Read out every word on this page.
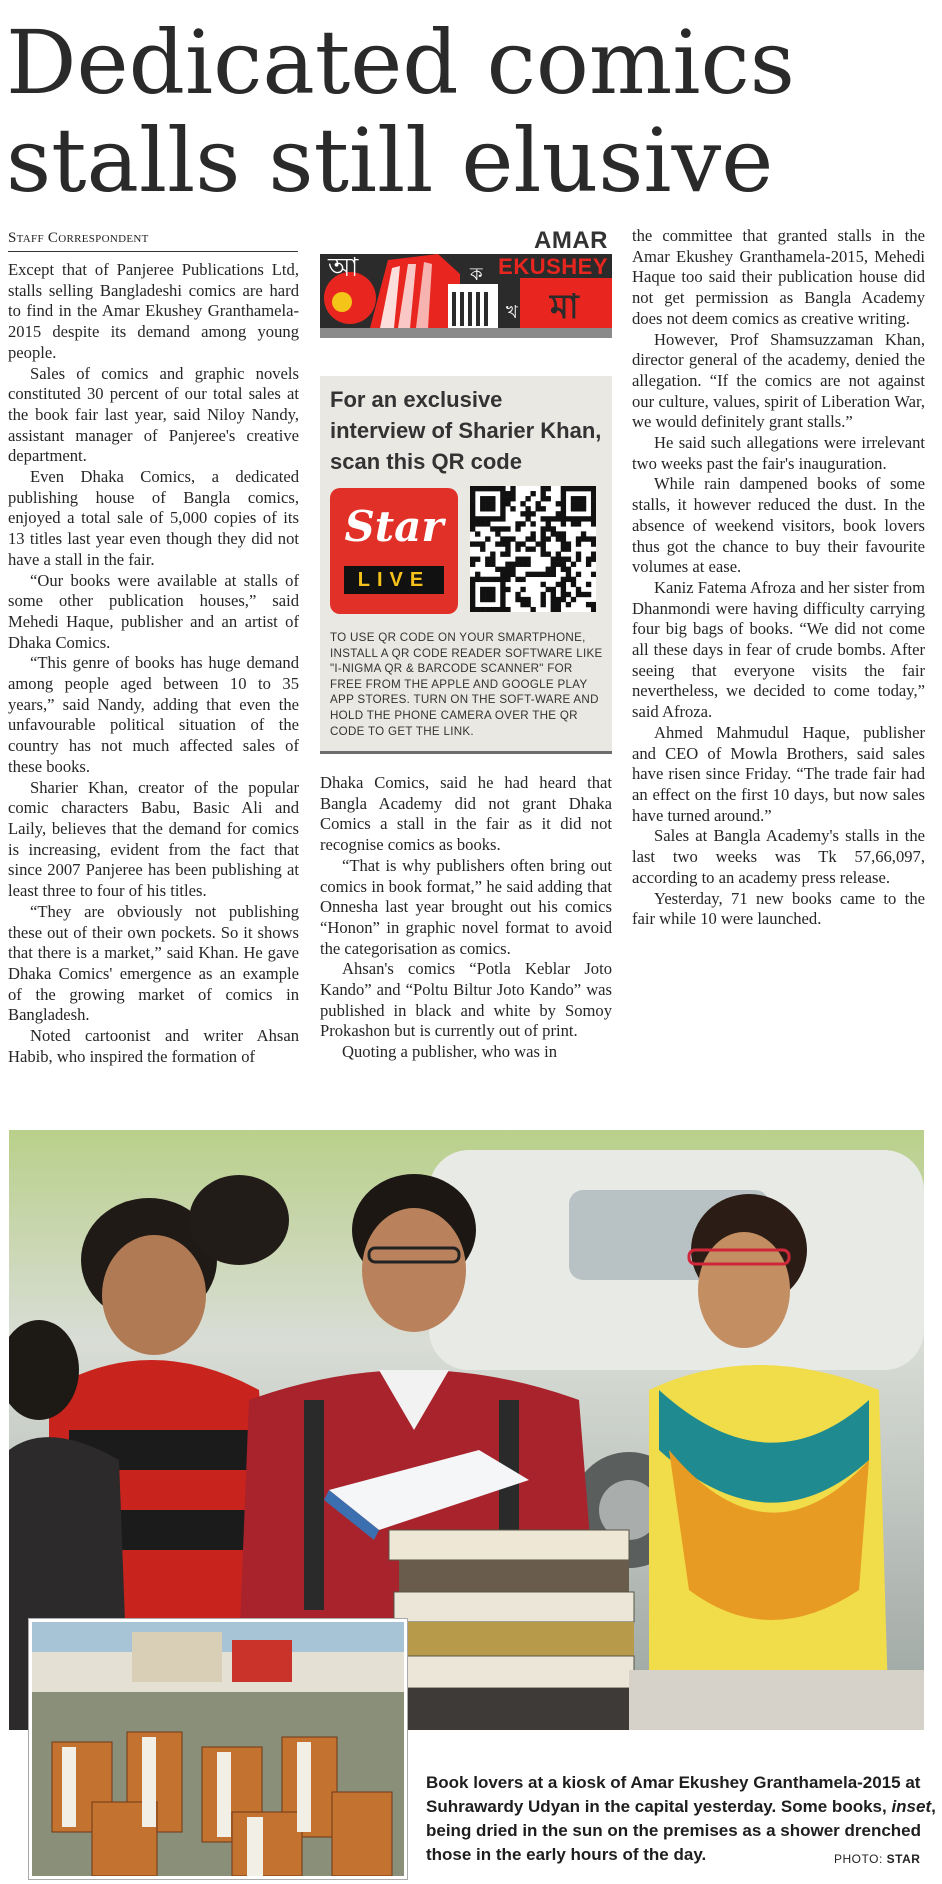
Dedicated comics
stalls still elusive
Staff Correspondent

Except that of Panjeree Publications Ltd, stalls selling Bangladeshi comics are hard to find in the Amar Ekushey Granthamela-2015 despite its demand among young people.

Sales of comics and graphic novels constituted 30 percent of our total sales at the book fair last year, said Niloy Nandy, assistant manager of Panjeree's creative department.

Even Dhaka Comics, a dedicated publishing house of Bangla comics, enjoyed a total sale of 5,000 copies of its 13 titles last year even though they did not have a stall in the fair.

“Our books were available at stalls of some other publication houses,” said Mehedi Haque, publisher and an artist of Dhaka Comics.

“This genre of books has huge demand among people aged between 10 to 35 years,” said Nandy, adding that even the unfavourable political situation of the country has not much affected sales of these books.

Sharier Khan, creator of the popular comic characters Babu, Basic Ali and Laily, believes that the demand for comics is increasing, evident from the fact that since 2007 Panjeree has been publishing at least three to four of his titles.

“They are obviously not publishing these out of their own pockets. So it shows that there is a market,” said Khan. He gave Dhaka Comics' emergence as an example of the growing market of comics in Bangladesh.

Noted cartoonist and writer Ahsan Habib, who inspired the formation of

মা
আ	ক
খ
AMAR
EKUSHEY

For an exclusive interview of Sharier Khan, scan this QR code

Star
LIVE

TO USE QR CODE ON YOUR SMARTPHONE, INSTALL A QR CODE READER SOFTWARE LIKE "I-NIGMA QR & BARCODE SCANNER" FOR FREE FROM THE APPLE AND GOOGLE PLAY APP STORES. TURN ON THE SOFT-WARE AND HOLD THE PHONE CAMERA OVER THE QR CODE TO GET THE LINK.

Dhaka Comics, said he had heard that Bangla Academy did not grant Dhaka Comics a stall in the fair as it did not recognise comics as books.

“That is why publishers often bring out comics in book format,” he said adding that Onnesha last year brought out his comics “Honon” in graphic novel format to avoid the categorisation as comics.

Ahsan's comics “Potla Keblar Joto Kando” and “Poltu Biltur Joto Kando” was published in black and white by Somoy Prokashon but is currently out of print.

Quoting a publisher, who was in

the committee that granted stalls in the Amar Ekushey Granthamela-2015, Mehedi Haque too said their publication house did not get permission as Bangla Academy does not deem comics as creative writing.

However, Prof Shamsuzzaman Khan, director general of the academy, denied the allegation. “If the comics are not against our culture, values, spirit of Liberation War, we would definitely grant stalls.”

He said such allegations were irrelevant two weeks past the fair's inauguration.

While rain dampened books of some stalls, it however reduced the dust. In the absence of weekend visitors, book lovers thus got the chance to buy their favourite volumes at ease.

Kaniz Fatema Afroza and her sister from Dhanmondi were having difficulty carrying four big bags of books. “We did not come all these days in fear of crude bombs. After seeing that everyone visits the fair nevertheless, we decided to come today,” said Afroza.

Ahmed Mahmudul Haque, publisher and CEO of Mowla Brothers, said sales have risen since Friday. “The trade fair had an effect on the first 10 days, but now sales have turned around.”

Sales at Bangla Academy's stalls in the last two weeks was Tk 57,66,097, according to an academy press release.

Yesterday, 71 new books came to the fair while 10 were launched.

Book lovers at a kiosk of Amar Ekushey Granthamela-2015 at Suhrawardy Udyan in the capital yesterday. Some books, inset, being dried in the sun on the premises as a shower drenched those in the early hours of the day.	PHOTO: STAR
